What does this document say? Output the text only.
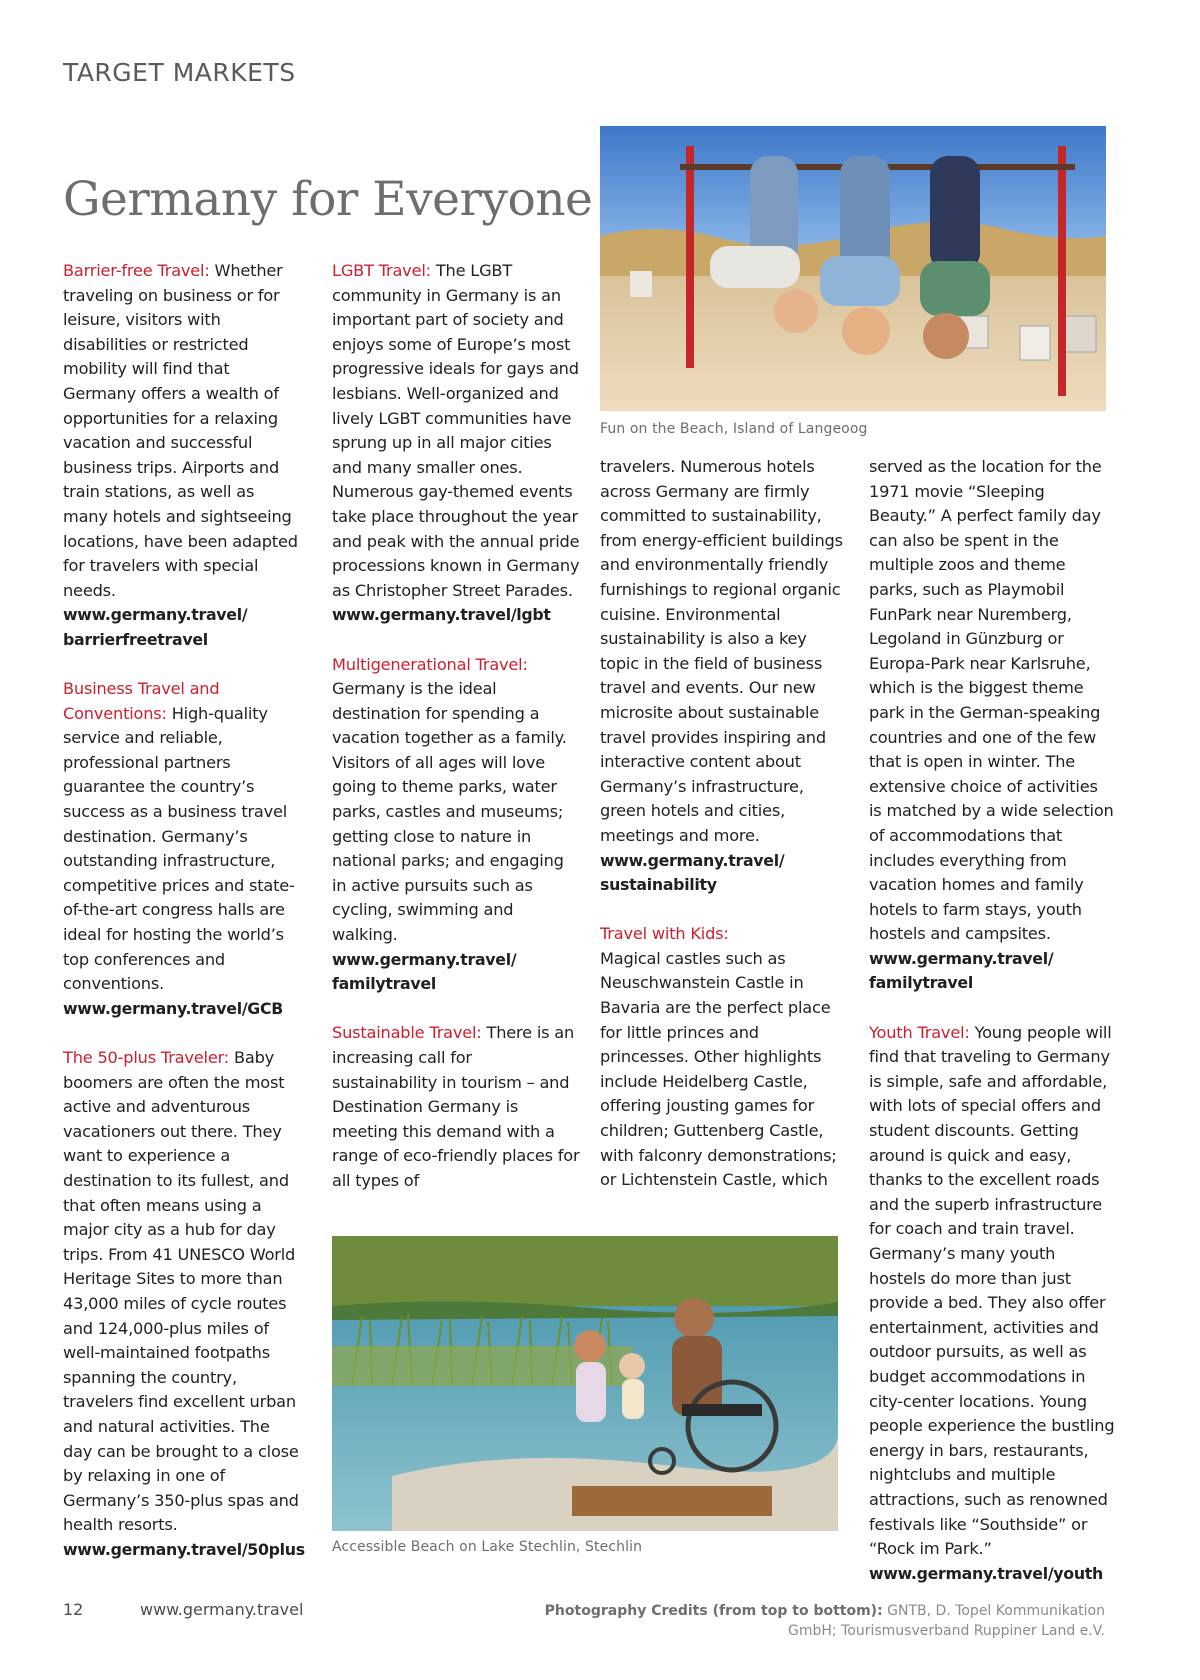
TARGET MARKETS
Germany for Everyone

Barrier-free Travel: Whether traveling on business or for leisure, visitors with disabilities or restricted mobility will find that Germany offers a wealth of opportunities for a relaxing vacation and successful business trips. Airports and train stations, as well as many hotels and sightseeing locations, have been adapted for travelers with special needs.
www.germany.travel/
barrierfreetravel

Business Travel and
Conventions: High-quality service and reliable, professional partners guarantee the country’s success as a business travel destination. Germany’s outstanding infrastructure, competitive prices and state-of-the-art congress halls are ideal for hosting the world’s top conferences and conventions.
www.germany.travel/GCB

The 50-plus Traveler: Baby boomers are often the most active and adventurous vacationers out there. They want to experience a destination to its fullest, and that often means using a major city as a hub for day trips. From 41 UNESCO World Heritage Sites to more than 43,000 miles of cycle routes and 124,000-plus miles of well-maintained footpaths spanning the country, travelers find excellent urban and natural activities. The day can be brought to a close by relaxing in one of Germany’s 350-plus spas and health resorts.
www.germany.travel/50plus

LGBT Travel: The LGBT community in Germany is an important part of society and enjoys some of Europe’s most progressive ideals for gays and lesbians. Well-organized and lively LGBT communities have sprung up in all major cities and many smaller ones. Numerous gay-themed events take place throughout the year and peak with the annual pride processions known in Germany as Christopher Street Parades.
www.germany.travel/lgbt

Multigenerational Travel:
Germany is the ideal destination for spending a vacation together as a family. Visitors of all ages will love going to theme parks, water parks, castles and museums; getting close to nature in national parks; and engaging in active pursuits such as cycling, swimming and walking.
www.germany.travel/
familytravel

Sustainable Travel: There is an increasing call for sustainability in tourism – and Destination Germany is meeting this demand with a range of eco-friendly places for all types of

travelers. Numerous hotels across Germany are firmly committed to sustainability, from energy-efficient buildings and environmentally friendly furnishings to regional organic cuisine. Environmental sustainability is also a key topic in the field of business travel and events. Our new microsite about sustainable travel provides inspiring and interactive content about Germany’s infrastructure, green hotels and cities, meetings and more.
www.germany.travel/
sustainability

Travel with Kids:
Magical castles such as Neuschwanstein Castle in Bavaria are the perfect place for little princes and princesses. Other highlights include Heidelberg Castle, offering jousting games for children; Guttenberg Castle, with falconry demonstrations; or Lichtenstein Castle, which

served as the location for the 1971 movie “Sleeping Beauty.” A perfect family day can also be spent in the multiple zoos and theme parks, such as Playmobil FunPark near Nuremberg, Legoland in Günzburg or Europa-Park near Karlsruhe, which is the biggest theme park in the German-speaking countries and one of the few that is open in winter. The extensive choice of activities is matched by a wide selection of accommodations that includes everything from vacation homes and family hotels to farm stays, youth hostels and campsites.
www.germany.travel/
familytravel

Youth Travel: Young people will find that traveling to Germany is simple, safe and affordable, with lots of special offers and student discounts. Getting around is quick and easy, thanks to the excellent roads and the superb infrastructure for coach and train travel. Germany’s many youth hostels do more than just provide a bed. They also offer entertainment, activities and outdoor pursuits, as well as budget accommodations in city-center locations. Young people experience the bustling energy in bars, restaurants, nightclubs and multiple attractions, such as renowned festivals like “Southside” or “Rock im Park.”
www.germany.travel/youth

Fun on the Beach, Island of Langeoog
Accessible Beach on Lake Stechlin, Stechlin
12	www.germany.travel	Photography Credits (from top to bottom): GNTB, D. Topel Kommunikation GmbH; Tourismusverband Ruppiner Land e.V.
